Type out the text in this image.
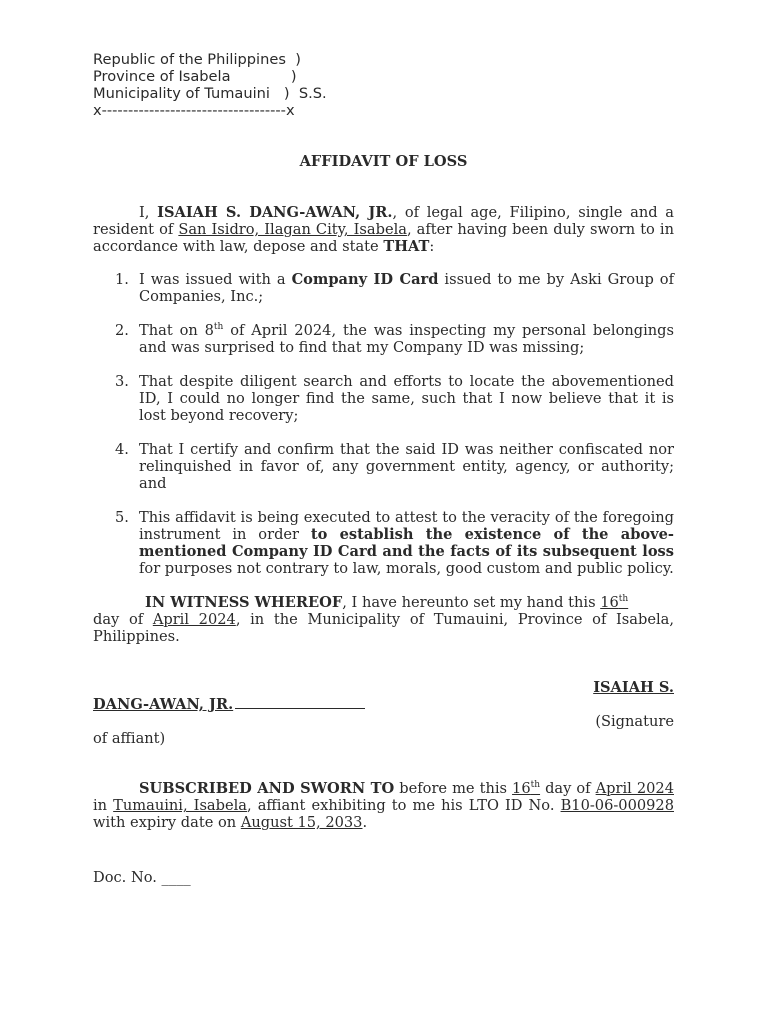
Republic of the Philippines  )
Province of Isabela             )
Municipality of Tumauini   )  S.S.
x-----------------------------------x
AFFIDAVIT OF LOSS
I, ISAIAH S. DANG-AWAN, JR., of legal age, Filipino, single and a resident of San Isidro, Ilagan City, Isabela, after having been duly sworn to in accordance with law, depose and state THAT:
1. I was issued with a Company ID Card issued to me by Aski Group of Companies, Inc.;
2. That on 8th of April 2024, the was inspecting my personal belongings and was surprised to find that my Company ID was missing;
3. That despite diligent search and efforts to locate the abovementioned ID, I could no longer find the same, such that I now believe that it is lost beyond recovery;
4. That I certify and confirm that the said ID was neither confiscated nor relinquished in favor of, any government entity, agency, or authority; and
5. This affidavit is being executed to attest to the veracity of the foregoing instrument in order to establish the existence of the above-mentioned Company ID Card and the facts of its subsequent loss for purposes not contrary to law, morals, good custom and public policy.
IN WITNESS WHEREOF, I have hereunto set my hand this 16th
day of April 2024, in the Municipality of Tumauini, Province of Isabela, Philippines.
ISAIAH S.
DANG-AWAN, JR.
(Signature
of affiant)
SUBSCRIBED AND SWORN TO before me this 16th day of April 2024 in Tumauini, Isabela, affiant exhibiting to me his LTO ID No. B10-06-000928 with expiry date on August 15, 2033.
Doc. No. ____
